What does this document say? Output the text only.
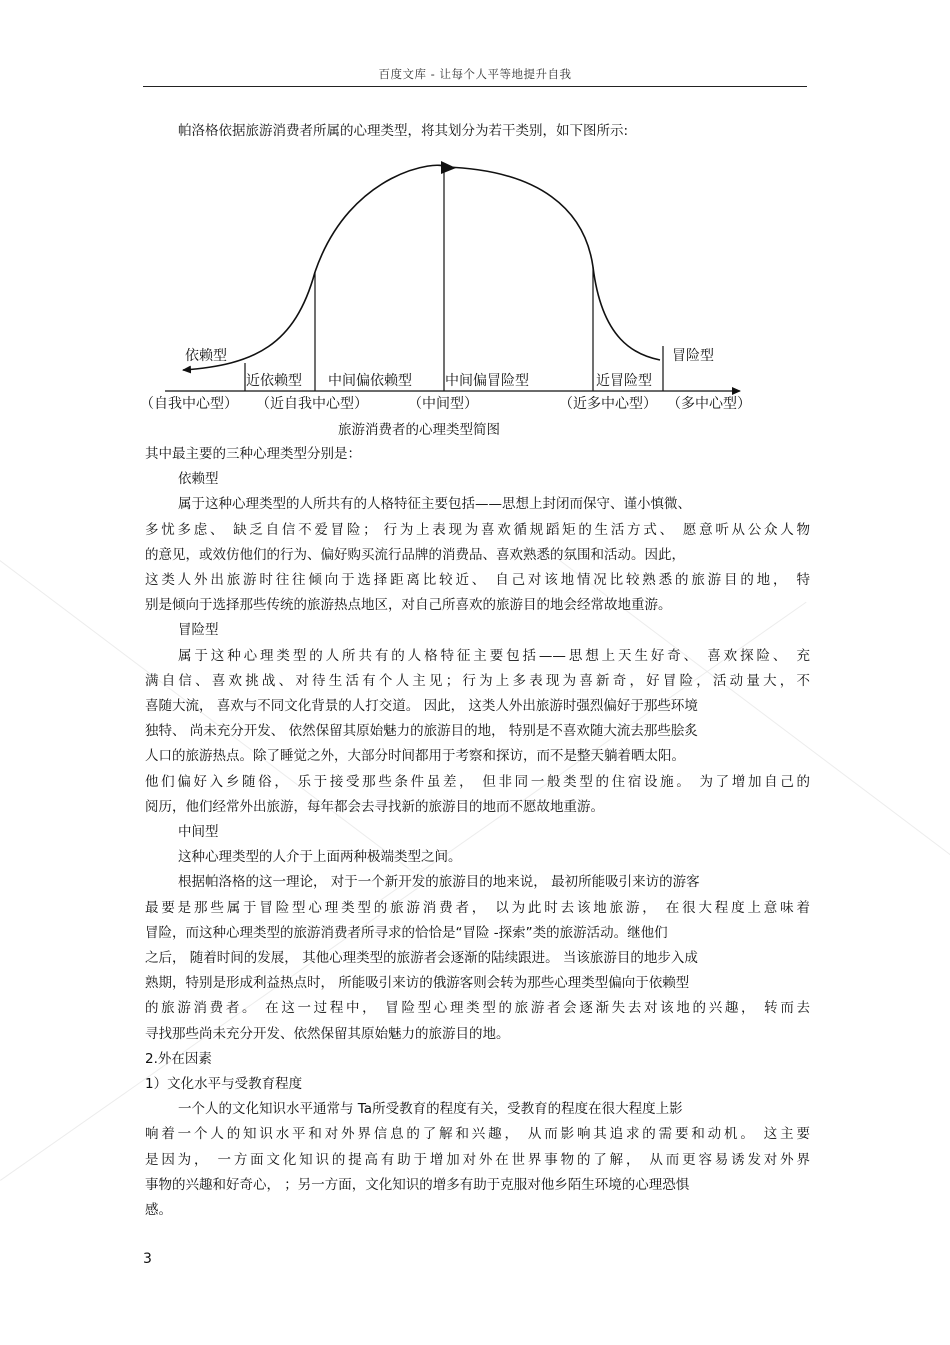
百度文库 - 让每个人平等地提升自我
帕洛格依据旅游消费者所属的心理类型，将其划分为若干类别，如下图所示:
依赖型
近依赖型 中间偏依赖型 中间偏冒险型	近冒险型
冒险型
（自我中心型） （近自我中心型）	（中间型）	（近多中心型） （多中心型）
旅游消费者的心理类型简图
其中最主要的三种心理类型分别是：
依赖型
属于这种心理类型的人所共有的人格特征主要包括——思想上封闭而保守、谨小慎微、
多忧多虑、 缺乏自信不爱冒险； 行为上表现为喜欢循规蹈矩的生活方式、 愿意听从公众人物
的意见，或效仿他们的行为、偏好购买流行品牌的消费品、喜欢熟悉的氛围和活动。因此，
这类人外出旅游时往往倾向于选择距离比较近、 自己对该地情况比较熟悉的旅游目的地， 特
别是倾向于选择那些传统的旅游热点地区，对自己所喜欢的旅游目的地会经常故地重游。
冒险型
属于这种心理类型的人所共有的人格特征主要包括——思想上天生好奇、 喜欢探险、 充
满自信、喜欢挑战、对待生活有个人主见；行为上多表现为喜新奇，好冒险，活动量大，不
喜随大流， 喜欢与不同文化背景的人打交道。 因此， 这类人外出旅游时强烈偏好于那些环境
独特、 尚未充分开发、 依然保留其原始魅力的旅游目的地， 特别是不喜欢随大流去那些脍炙
人口的旅游热点。除了睡觉之外，大部分时间都用于考察和探访，而不是整天躺着晒太阳。
他们偏好入乡随俗， 乐于接受那些条件虽差， 但非同一般类型的住宿设施。 为了增加自己的
阅历，他们经常外出旅游，每年都会去寻找新的旅游目的地而不愿故地重游。
中间型
这种心理类型的人介于上面两种极端类型之间。
根据帕洛格的这一理论， 对于一个新开发的旅游目的地来说， 最初所能吸引来访的游客
最要是那些属于冒险型心理类型的旅游消费者， 以为此时去该地旅游， 在很大程度上意味着
冒险，而这种心理类型的旅游消费者所寻求的恰恰是“冒险 -探索”类的旅游活动。继他们
之后， 随着时间的发展， 其他心理类型的旅游者会逐渐的陆续跟进。 当该旅游目的地步入成
熟期，特别是形成利益热点时， 所能吸引来访的俄游客则会转为那些心理类型偏向于依赖型
的旅游消费者。 在这一过程中， 冒险型心理类型的旅游者会逐渐失去对该地的兴趣， 转而去
寻找那些尚未充分开发、依然保留其原始魅力的旅游目的地。
2.外在因素
1）文化水平与受教育程度
一个人的文化知识水平通常与 Ta所受教育的程度有关，受教育的程度在很大程度上影
响着一个人的知识水平和对外界信息的了解和兴趣， 从而影响其追求的需要和动机。 这主要
是因为， 一方面文化知识的提高有助于增加对外在世界事物的了解， 从而更容易诱发对外界
事物的兴趣和好奇心， ；另一方面，文化知识的增多有助于克服对他乡陌生环境的心理恐惧
感。
3
